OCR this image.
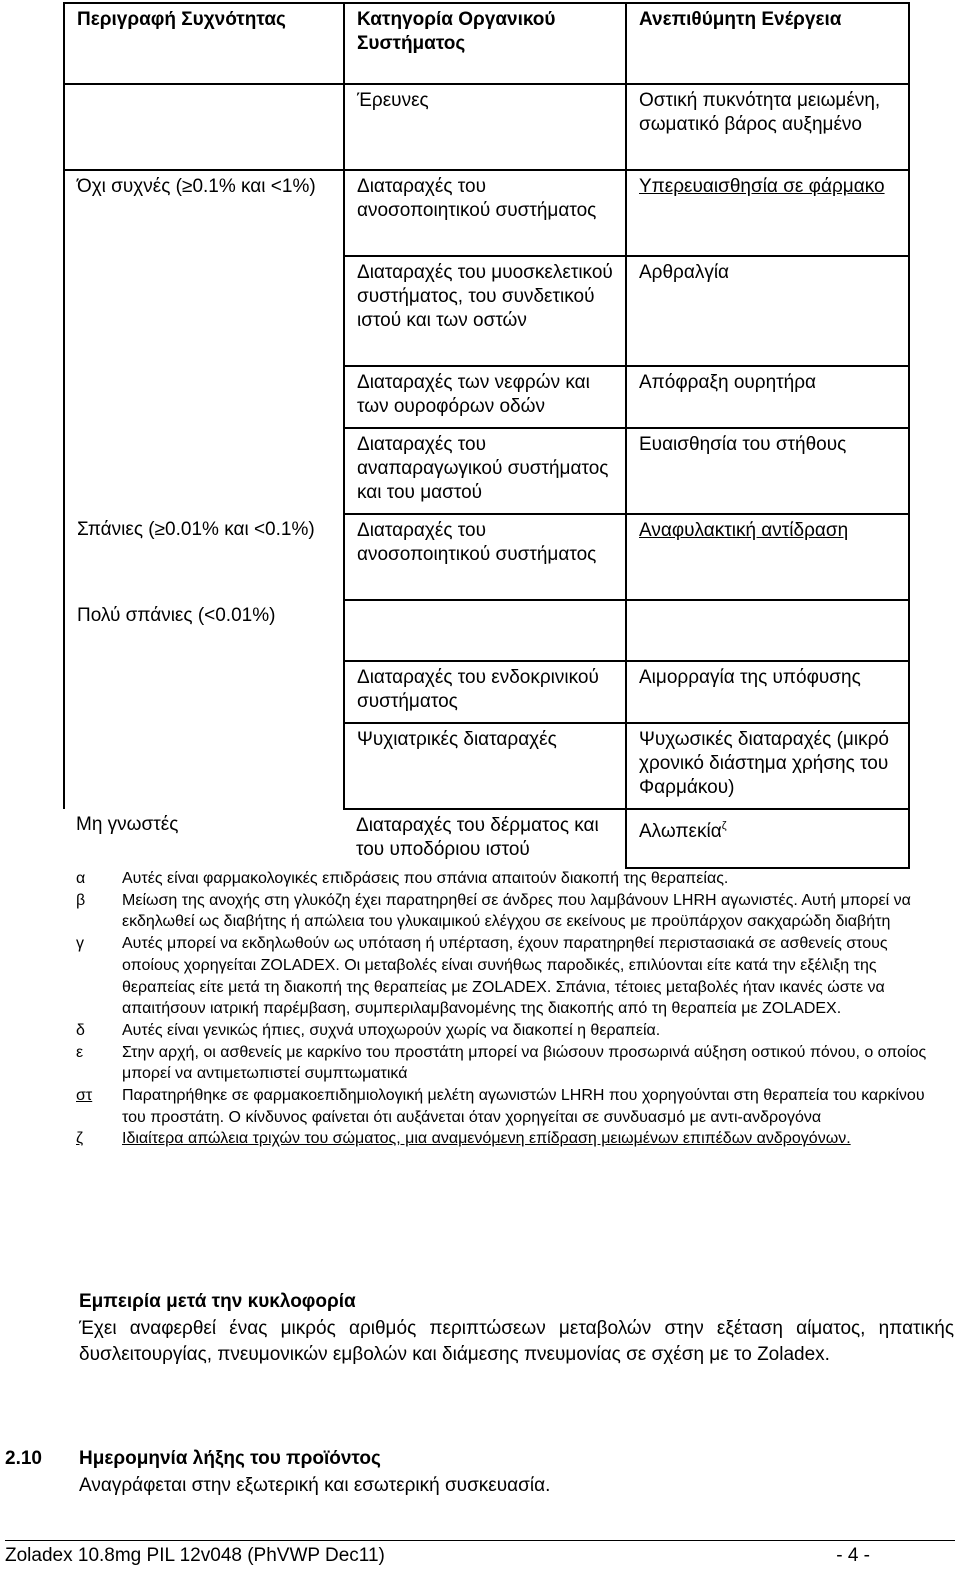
Περιγραφή Συχνότητας	Κατηγορία Οργανικού Συστήματος	Ανεπιθύμητη Ενέργεια
	Έρευνες	Οστική πυκνότητα μειωμένη, σωματικό βάρος αυξημένο
Όχι συχνές (≥0.1% και <1%)	Διαταραχές του ανοσοποιητικού συστήματος	Υπερευαισθησία σε φάρμακο
	Διαταραχές του μυοσκελετικού συστήματος, του συνδετικού ιστού και των οστών	Αρθραλγία
	Διαταραχές των νεφρών και των ουροφόρων οδών	Απόφραξη ουρητήρα
	Διαταραχές του αναπαραγωγικού συστήματος και του μαστού	Ευαισθησία του στήθους
Σπάνιες (≥0.01% και <0.1%)	Διαταραχές του ανοσοποιητικού συστήματος	Αναφυλακτική αντίδραση
Πολύ σπάνιες (<0.01%)		
	Διαταραχές του ενδοκρινικού συστήματος	Αιμορραγία της υπόφυσης
	Ψυχιατρικές διαταραχές	Ψυχωσικές διαταραχές (μικρό χρονικό διάστημα χρήσης του Φαρμάκου)
Μη γνωστές	Διαταραχές του δέρματος και του υποδόριου ιστού	Αλωπεκία$^\zeta$
α	Αυτές είναι φαρμακολογικές επιδράσεις που σπάνια απαιτούν διακοπή της θεραπείας.
β	Μείωση της ανοχής στη γλυκόζη έχει παρατηρηθεί σε άνδρες που λαμβάνουν LHRH αγωνιστές. Αυτή μπορεί να εκδηλωθεί ως διαβήτης ή απώλεια του γλυκαιμικού ελέγχου σε εκείνους με προϋπάρχον σακχαρώδη διαβήτη
γ	Αυτές μπορεί να εκδηλωθούν ως υπόταση ή υπέρταση, έχουν παρατηρηθεί περιστασιακά σε ασθενείς στους οποίους χορηγείται ZOLADEX. Οι μεταβολές είναι συνήθως παροδικές, επιλύονται είτε κατά την εξέλιξη της θεραπείας είτε μετά τη διακοπή της θεραπείας με ZOLADEX. Σπάνια, τέτοιες μεταβολές ήταν ικανές ώστε να απαιτήσουν ιατρική παρέμβαση, συμπεριλαμβανομένης της διακοπής από τη θεραπεία με ZOLADEX.
δ	Αυτές είναι γενικώς ήπιες, συχνά υποχωρούν χωρίς να διακοπεί η θεραπεία.
ε	Στην αρχή, οι ασθενείς με καρκίνο του προστάτη μπορεί να βιώσουν προσωρινά αύξηση οστικού πόνου, ο οποίος μπορεί να αντιμετωπιστεί συμπτωματικά
στ	Παρατηρήθηκε σε φαρμακοεπιδημιολογική μελέτη αγωνιστών LHRH που χορηγούνται στη θεραπεία του καρκίνου του προστάτη. Ο κίνδυνος φαίνεται ότι αυξάνεται όταν χορηγείται σε συνδυασμό με αντι-ανδρογόνα
ζ	Ιδιαίτερα απώλεια τριχών του σώματος, μια αναμενόμενη επίδραση μειωμένων επιπέδων ανδρογόνων.
Εμπειρία μετά την κυκλοφορία
Έχει αναφερθεί ένας μικρός αριθμός περιπτώσεων μεταβολών στην εξέταση αίματος, ηπατικής δυσλειτουργίας, πνευμονικών εμβολών και διάμεσης πνευμονίας σε σχέση με το Zoladex.
2.10 Ημερομηνία λήξης του προϊόντος
Αναγράφεται στην εξωτερική και εσωτερική συσκευασία.
Zoladex 10.8mg PIL 12v048 (PhVWP Dec11)	- 4 -
